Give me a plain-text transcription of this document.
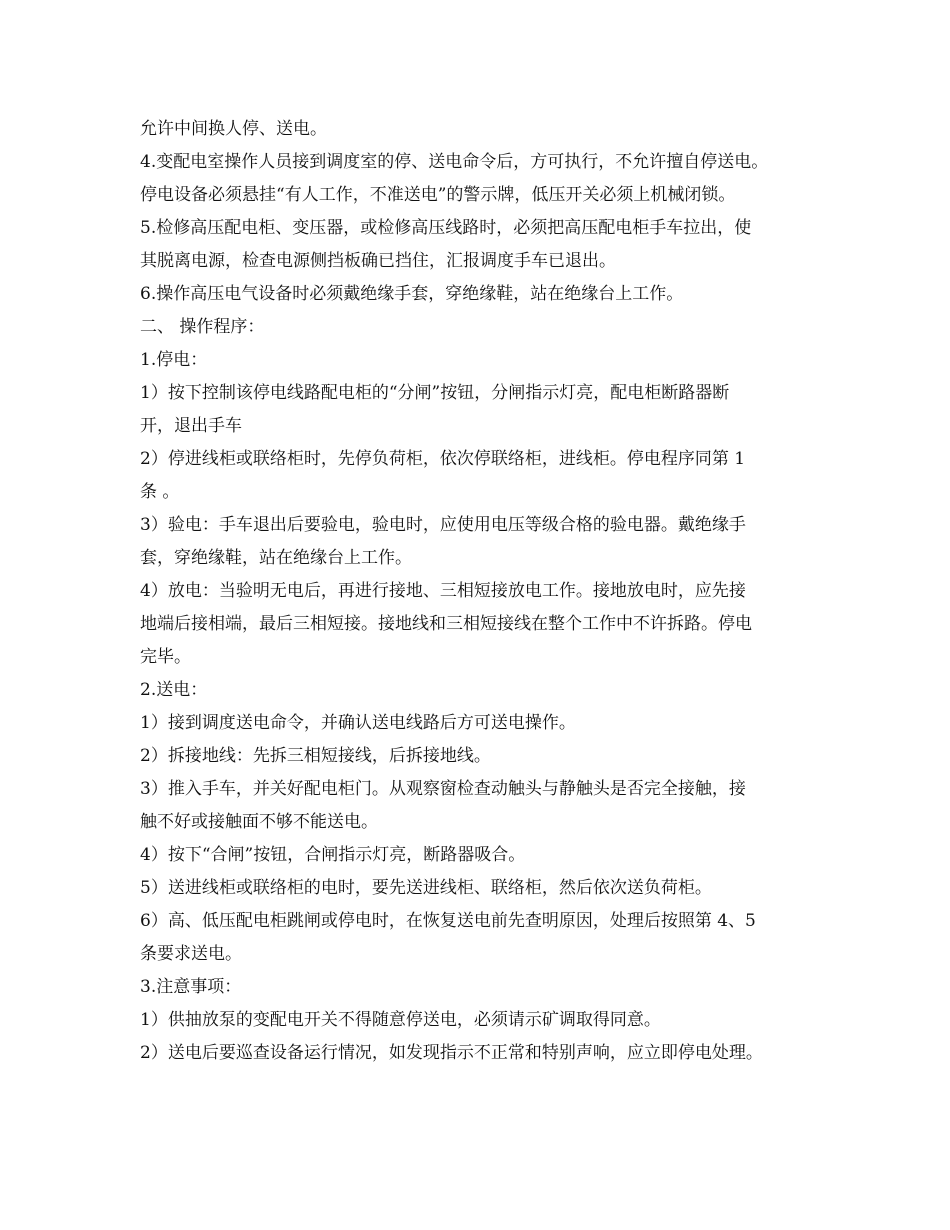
允许中间换人停、送电。
4.变配电室操作人员接到调度室的停、送电命令后，方可执行，不允许擅自停送电。
停电设备必须悬挂“有人工作，不准送电”的警示牌，低压开关必须上机械闭锁。
5.检修高压配电柜、变压器，或检修高压线路时，必须把高压配电柜手车拉出，使
其脱离电源，检查电源侧挡板确已挡住，汇报调度手车已退出。
6.操作高压电气设备时必须戴绝缘手套，穿绝缘鞋，站在绝缘台上工作。
二、 操作程序：
1.停电：
1）按下控制该停电线路配电柜的“分闸”按钮，分闸指示灯亮，配电柜断路器断
开，退出手车
2）停进线柜或联络柜时，先停负荷柜，依次停联络柜，进线柜。停电程序同第 1
条 。
3）验电：手车退出后要验电，验电时，应使用电压等级合格的验电器。戴绝缘手
套，穿绝缘鞋，站在绝缘台上工作。
4）放电：当验明无电后，再进行接地、三相短接放电工作。接地放电时，应先接
地端后接相端，最后三相短接。接地线和三相短接线在整个工作中不许拆路。停电
完毕。
2.送电：
1）接到调度送电命令，并确认送电线路后方可送电操作。
2）拆接地线：先拆三相短接线，后拆接地线。
3）推入手车，并关好配电柜门。从观察窗检查动触头与静触头是否完全接触，接
触不好或接触面不够不能送电。
4）按下“合闸”按钮，合闸指示灯亮，断路器吸合。
5）送进线柜或联络柜的电时，要先送进线柜、联络柜，然后依次送负荷柜。
6）高、低压配电柜跳闸或停电时，在恢复送电前先查明原因，处理后按照第 4、5
条要求送电。
3.注意事项：
1）供抽放泵的变配电开关不得随意停送电，必须请示矿调取得同意。
2）送电后要巡查设备运行情况，如发现指示不正常和特别声响，应立即停电处理。
